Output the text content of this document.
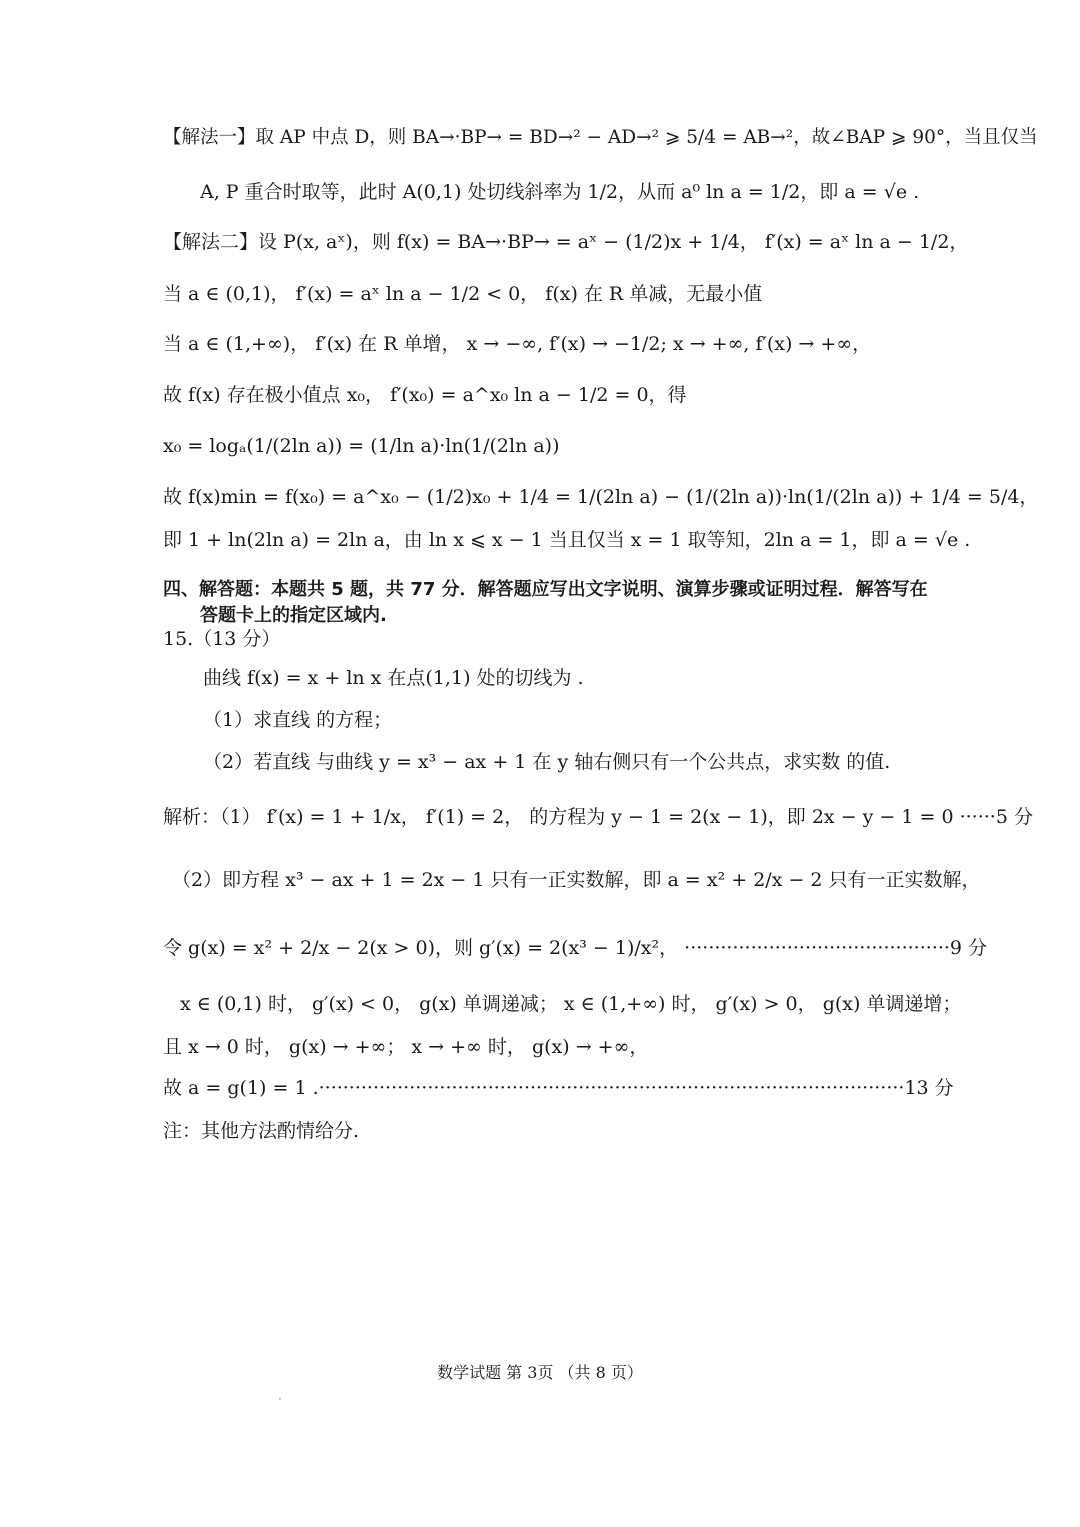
【解法一】取 AP 中点 D，则 BA→·BP→ = BD→² − AD→² ⩾ 5/4 = AB→²，故∠BAP ⩾ 90°，当且仅当
A, P 重合时取等，此时 A(0,1) 处切线斜率为 1/2，从而 a⁰ ln a = 1/2，即 a = √e .
【解法二】设 P(x, aˣ)，则 f(x) = BA→·BP→ = aˣ − (1/2)x + 1/4， f′(x) = aˣ ln a − 1/2，
当 a ∈ (0,1)， f′(x) = aˣ ln a − 1/2 < 0， f(x) 在 R 单减，无最小值
当 a ∈ (1,+∞)， f′(x) 在 R 单增， x → −∞, f′(x) → −1/2; x → +∞, f′(x) → +∞，
故 f(x) 存在极小值点 x₀， f′(x₀) = a^x₀ ln a − 1/2 = 0，得
x₀ = logₐ(1/(2ln a)) = (1/ln a)·ln(1/(2ln a))
故 f(x)min = f(x₀) = a^x₀ − (1/2)x₀ + 1/4 = 1/(2ln a) − (1/(2ln a))·ln(1/(2ln a)) + 1/4 = 5/4，
即 1 + ln(2ln a) = 2ln a，由 ln x ⩽ x − 1 当且仅当 x = 1 取等知，2ln a = 1，即 a = √e .
四、解答题：本题共 5 题，共 77 分．解答题应写出文字说明、演算步骤或证明过程．解答写在
答题卡上的指定区域内.
15.（13 分）
曲线 f(x) = x + ln x 在点(1,1) 处的切线为 .
（1）求直线 的方程；
（2）若直线 与曲线 y = x³ − ax + 1 在 y 轴右侧只有一个公共点，求实数 的值.
解析：（1） f′(x) = 1 + 1/x， f′(1) = 2， 的方程为 y − 1 = 2(x − 1)，即 2x − y − 1 = 0 ······5 分
（2）即方程 x³ − ax + 1 = 2x − 1 只有一正实数解，即 a = x² + 2/x − 2 只有一正实数解，
令 g(x) = x² + 2/x − 2(x > 0)，则 g′(x) = 2(x³ − 1)/x²， ············································9 分
x ∈ (0,1) 时， g′(x) < 0， g(x) 单调递减； x ∈ (1,+∞) 时， g′(x) > 0， g(x) 单调递增；
且 x → 0 时， g(x) → +∞； x → +∞ 时， g(x) → +∞，
故 a = g(1) = 1 .·································································································13 分
注：其他方法酌情给分.
数学试题 第 3页 （共 8 页）
·
